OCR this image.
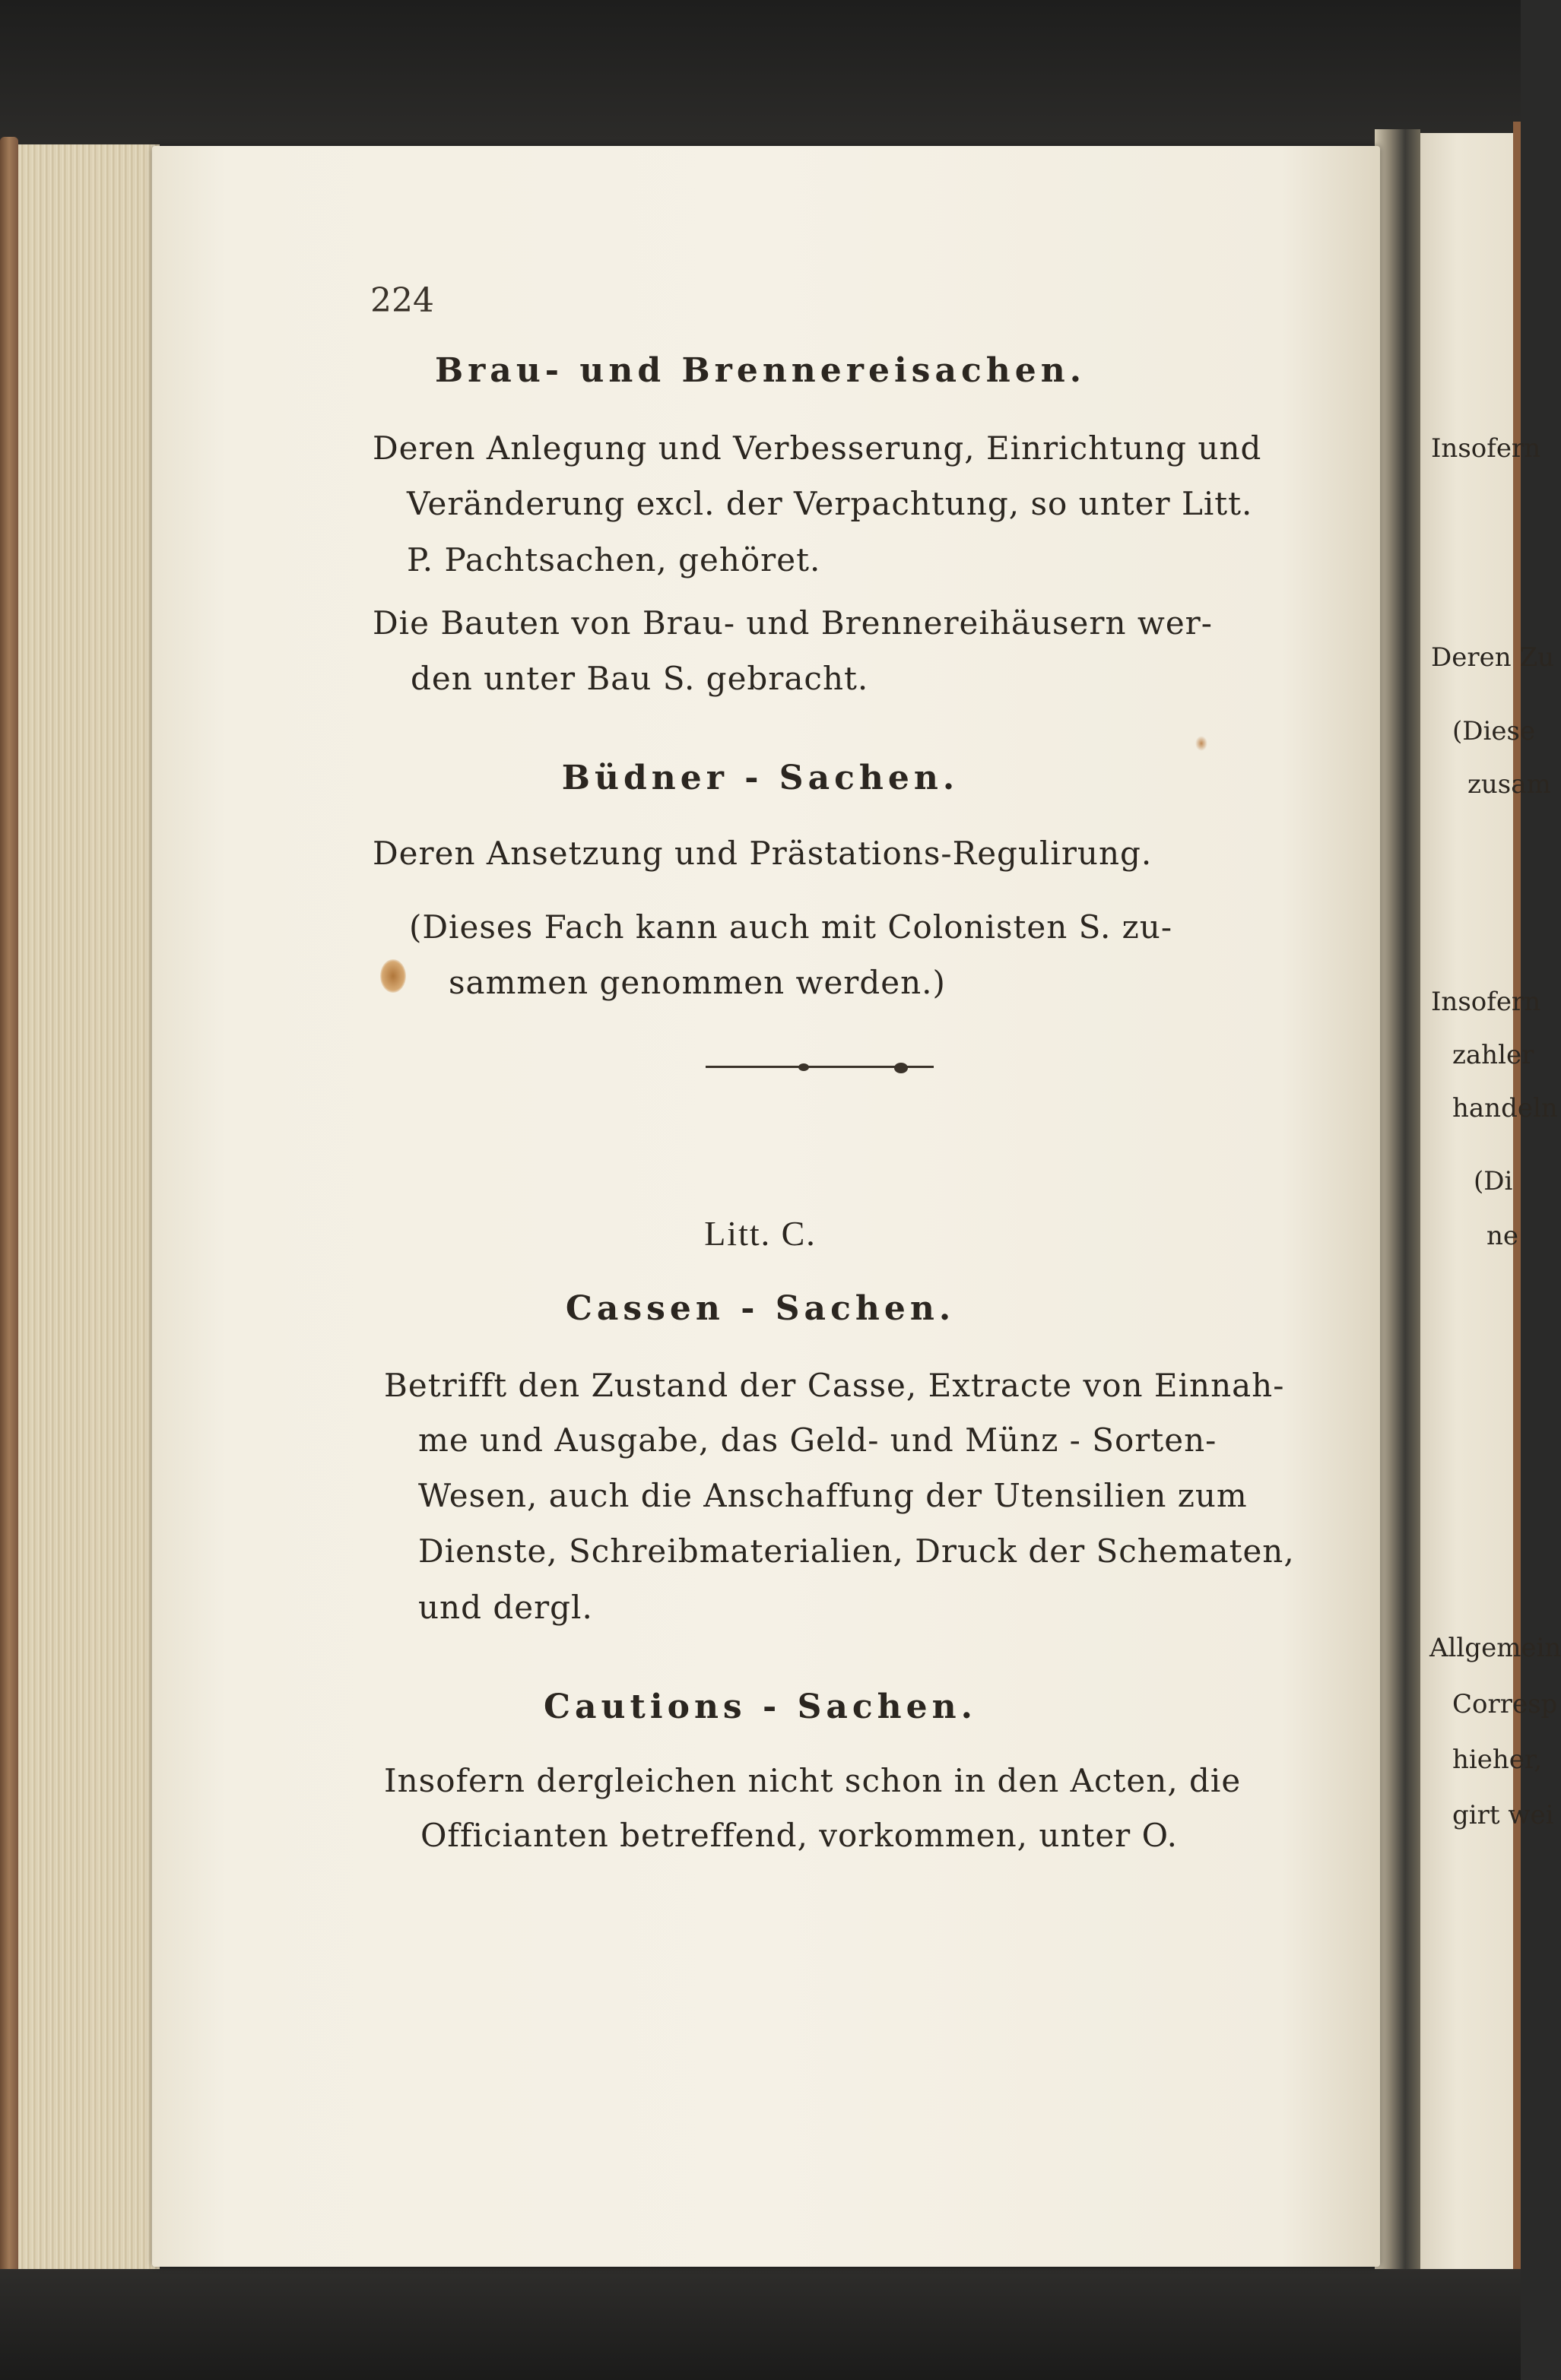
224
Brau- und Brennereisachen.
Deren Anlegung und Verbesserung, Einrichtung und
Veränderung excl. der Verpachtung, so unter Litt.
P. Pachtsachen, gehöret.
Die Bauten von Brau- und Brennereihäusern wer-
den unter Bau S. gebracht.
Büdner - Sachen.
Deren Ansetzung und Prästations-Regulirung.
(Dieses Fach kann auch mit Colonisten S. zu-
sammen genommen werden.)
Litt. C.
Cassen - Sachen.
Betrifft den Zustand der Casse, Extracte von Einnah-
me und Ausgabe, das Geld- und Münz - Sorten-
Wesen, auch die Anschaffung der Utensilien zum
Dienste, Schreibmaterialien, Druck der Schematen,
und dergl.
Cautions - Sachen.
Insofern dergleichen nicht schon in den Acten, die
Officianten betreffend, vorkommen, unter O.
Insofern
Deren Zu
(Diese
zusam
Insofern
zahler
handeln
(Di
ne
Allgemein
Corresp
hieher,
girt wei
